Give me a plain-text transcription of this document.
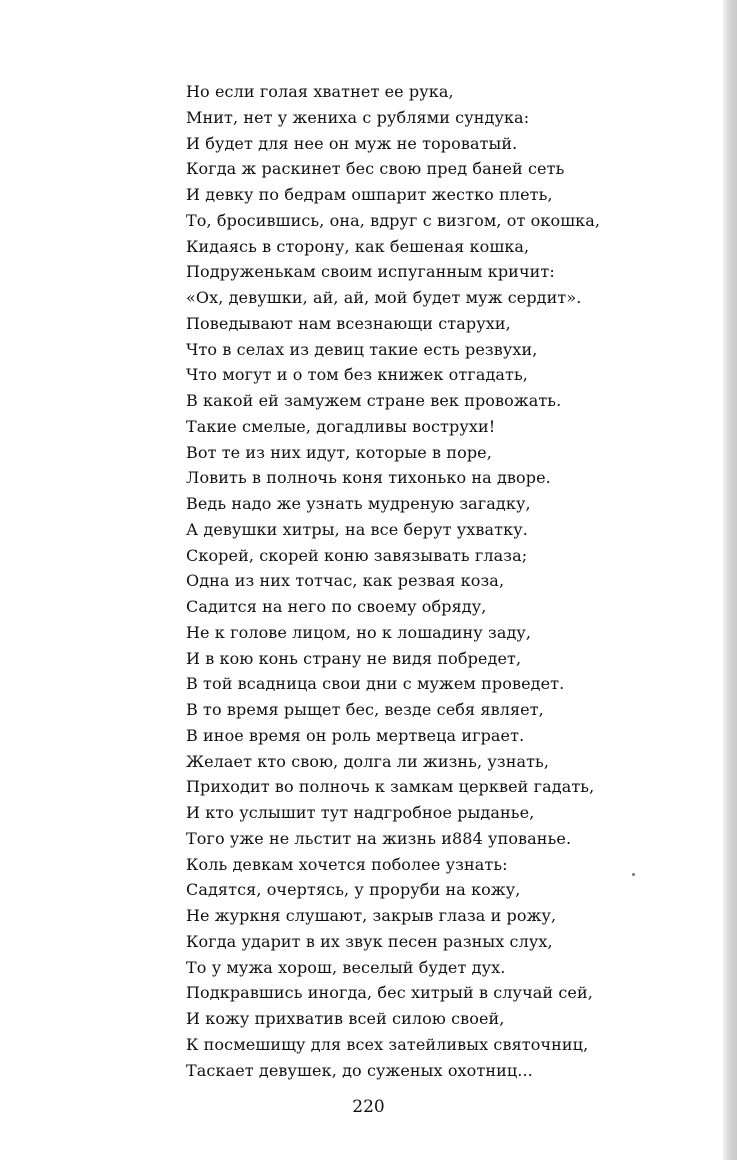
Но если голая хватнет ее рука,
Мнит, нет у жениха с рублями сундука:
И будет для нее он муж не тороватый.
Когда ж раскинет бес свою пред баней сеть
И девку по бедрам ошпарит жестко плеть,
То, бросившись, она, вдруг с визгом, от окошка,
Кидаясь в сторону, как бешеная кошка,
Подруженькам своим испуганным кричит:
«Ох, девушки, ай, ай, мой будет муж сердит».
Поведывают нам всезнающи старухи,
Что в селах из девиц такие есть резвухи,
Что могут и о том без книжек отгадать,
В какой ей замужем стране век провожать.
Такие смелые, догадливы вострухи!
Вот те из них идут, которые в поре,
Ловить в полночь коня тихонько на дворе.
Ведь надо же узнать мудреную загадку,
А девушки хитры, на все берут ухватку.
Скорей, скорей коню завязывать глаза;
Одна из них тотчас, как резвая коза,
Садится на него по своему обряду,
Не к голове лицом, но к лошадину заду,
И в кою конь страну не видя побредет,
В той всадница свои дни с мужем проведет.
В то время рыщет бес, везде себя являет,
В иное время он роль мертвеца играет.
Желает кто свою, долга ли жизнь, узнать,
Приходит во полночь к замкам церквей гадать,
И кто услышит тут надгробное рыданье,
Того уже не льстит на жизнь и884 упованье.
Коль девкам хочется поболее узнать:
Садятся, очертясь, у проруби на кожу,
Не журкня слушают, закрыв глаза и рожу,
Когда ударит в их звук песен разных слух,
То у мужа хорош, веселый будет дух.
Подкравшись иногда, бес хитрый в случай сей,
И кожу прихватив всей силою своей,
К посмешищу для всех затейливых святочниц,
Таскает девушек, до суженых охотниц...
220
